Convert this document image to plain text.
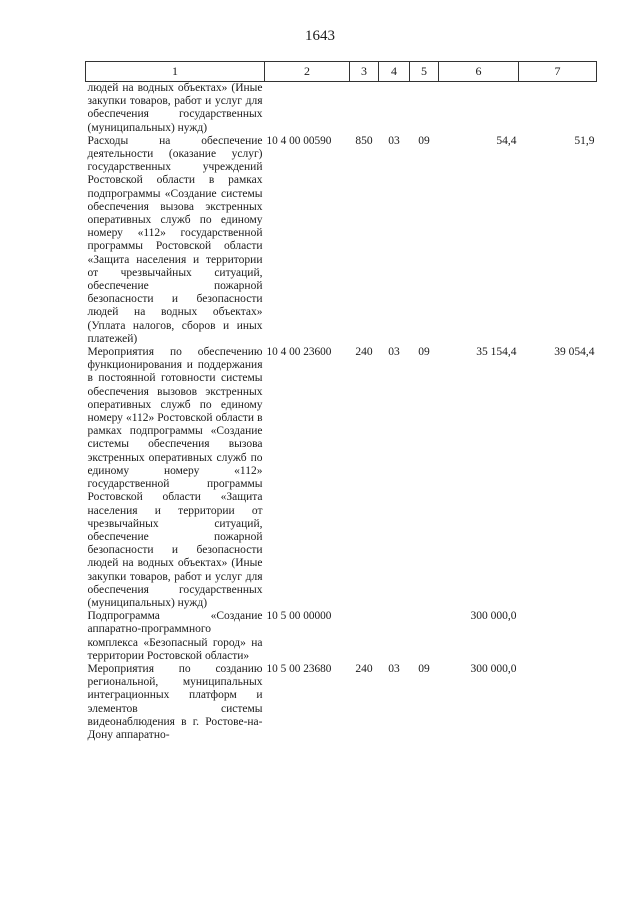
1643
1	2	3	4	5	6	7
людей на водных объектах» (Иные закупки товаров, работ и услуг для обеспечения государственных (муниципальных) нужд)						
Расходы на обеспечение деятельности (оказание услуг) государственных учреждений Ростовской области в рамках подпрограммы «Создание системы обеспечения вызова экстренных оперативных служб по единому номеру «112» государственной программы Ростовской области «Защита населения и территории от чрезвычайных ситуаций, обеспечение пожарной безопасности и безопасности людей на водных объектах» (Уплата налогов, сборов и иных платежей)	10 4 00 00590	850	03	09	54,4	51,9
Мероприятия по обеспечению функционирования и поддержания в постоянной готовности системы обеспечения вызовов экстренных оперативных служб по единому номеру «112» Ростовской области в рамках подпрограммы «Создание системы обеспечения вызова экстренных оперативных служб по единому номеру «112» государственной программы Ростовской области «Защита населения и территории от чрезвычайных ситуаций, обеспечение пожарной безопасности и безопасности людей на водных объектах» (Иные закупки товаров, работ и услуг для обеспечения государственных (муниципальных) нужд)	10 4 00 23600	240	03	09	35 154,4	39 054,4
Подпрограмма «Создание аппаратно-программного комплекса «Безопасный город» на территории Ростовской области»	10 5 00 00000				300 000,0	
Мероприятия по созданию региональной, муниципальных интеграционных платформ и элементов системы видеонаблюдения в г. Ростове-на-Дону аппаратно-	10 5 00 23680	240	03	09	300 000,0	
